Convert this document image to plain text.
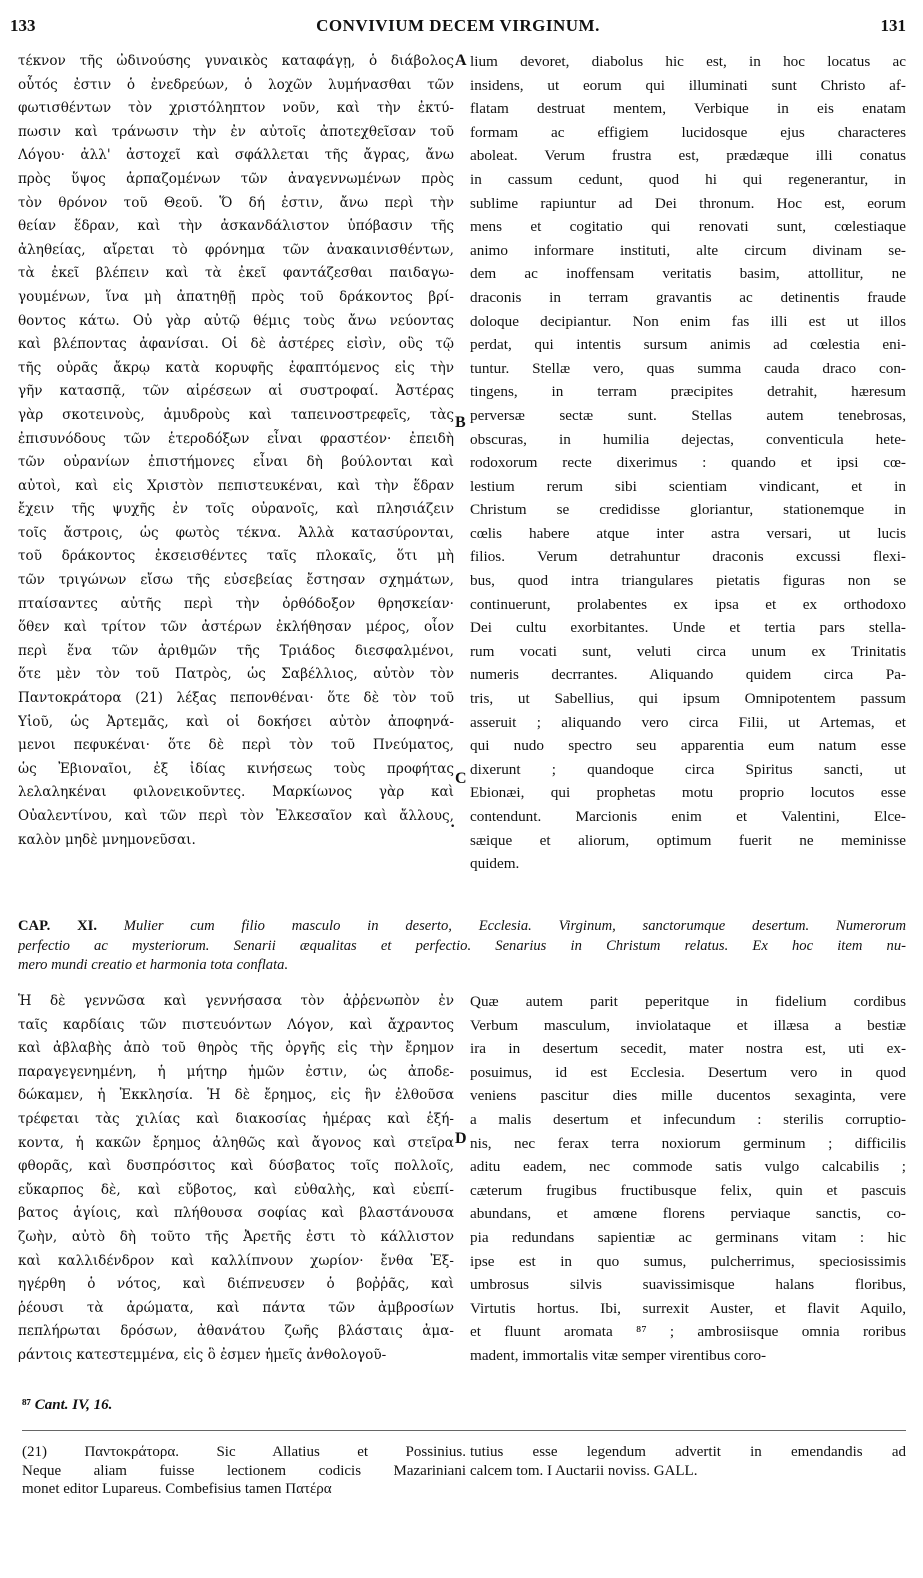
133	CONVIVIUM DECEM VIRGINUM.	131
τέκνον τῆς ὠδινούσης γυναικὸς καταφάγῃ, ὁ διάβολος
οὗτός ἐστιν ὁ ἐνεδρεύων, ὁ λοχῶν λυμήνασθαι τῶν
φωτισθέντων τὸν χριστόληπτον νοῦν, καὶ τὴν ἐκτύ-
πωσιν καὶ τράνωσιν τὴν ἐν αὐτοῖς ἀποτεχθεῖσαν τοῦ
Λόγου· ἀλλ' ἀστοχεῖ καὶ σφάλλεται τῆς ἄγρας, ἄνω
πρὸς ὕψος ἁρπαζομένων τῶν ἀναγεννωμένων πρὸς
τὸν θρόνον τοῦ Θεοῦ. Ὅ δή ἐστιν, ἄνω περὶ τὴν
θείαν ἕδραν, καὶ τὴν ἀσκανδάλιστον ὑπόβασιν τῆς
ἀληθείας, αἴρεται τὸ φρόνημα τῶν ἀνακαινισθέντων,
τὰ ἐκεῖ βλέπειν καὶ τὰ ἐκεῖ φαντάζεσθαι παιδαγω-
γουμένων, ἵνα μὴ ἀπατηθῇ πρὸς τοῦ δράκοντος βρί-
θοντος κάτω. Οὐ γὰρ αὐτῷ θέμις τοὺς ἄνω νεύοντας
καὶ βλέποντας ἀφανίσαι. Οἱ δὲ ἀστέρες εἰσὶν, οὓς τῷ
τῆς οὐρᾶς ἄκρῳ κατὰ κορυφῆς ἐφαπτόμενος εἰς τὴν
γῆν κατασπᾷ, τῶν αἱρέσεων αἱ συστροφαί. Ἀστέρας
γὰρ σκοτεινοὺς, ἀμυδροὺς καὶ ταπεινοστρεφεῖς, τὰς
ἐπισυνόδους τῶν ἑτεροδόξων εἶναι φραστέον· ἐπειδὴ
τῶν οὐρανίων ἐπιστήμονες εἶναι δὴ βούλονται καὶ
αὐτοὶ, καὶ εἰς Χριστὸν πεπιστευκέναι, καὶ τὴν ἕδραν
ἔχειν τῆς ψυχῆς ἐν τοῖς οὐρανοῖς, καὶ πλησιάζειν
τοῖς ἄστροις, ὡς φωτὸς τέκνα. Ἀλλὰ κατασύρονται,
τοῦ δράκοντος ἐκσεισθέντες ταῖς πλοκαῖς, ὅτι μὴ
τῶν τριγώνων εἴσω τῆς εὐσεβείας ἔστησαν σχημάτων,
πταίσαντες αὐτῆς περὶ τὴν ὀρθόδοξον θρησκείαν·
ὅθεν καὶ τρίτον τῶν ἀστέρων ἐκλήθησαν μέρος, οἷον
περὶ ἕνα τῶν ἀριθμῶν τῆς Τριάδος διεσφαλμένοι,
ὅτε μὲν τὸν τοῦ Πατρὸς, ὡς Σαβέλλιος, αὐτὸν τὸν
Παντοκράτορα (21) λέξας πεπονθέναι· ὅτε δὲ τὸν τοῦ
Υἱοῦ, ὡς Ἀρτεμᾶς, καὶ οἱ δοκήσει αὐτὸν ἀποφηνά-
μενοι πεφυκέναι· ὅτε δὲ περὶ τὸν τοῦ Πνεύματος,
ὡς Ἐβιοναῖοι, ἐξ ἰδίας κινήσεως τοὺς προφήτας
λελαληκέναι φιλονεικοῦντες. Μαρκίωνος γὰρ καὶ
Οὐαλεντίνου, καὶ τῶν περὶ τὸν Ἐλκεσαῖον καὶ ἄλλους,
καλὸν μηδὲ μνημονεῦσαι.
lium devoret, diabolus hic est, in hoc locatus ac
insidens, ut eorum qui illuminati sunt Christo af-
flatam destruat mentem, Verbique in eis enatam
formam ac effigiem lucidosque ejus characteres
aboleat. Verum frustra est, prædæque illi conatus
in cassum cedunt, quod hi qui regenerantur, in
sublime rapiuntur ad Dei thronum. Hoc est, eorum
mens et cogitatio qui renovati sunt, cœlestiaque
animo informare instituti, alte circum divinam se-
dem ac inoffensam veritatis basim, attollitur, ne
draconis in terram gravantis ac detinentis fraude
doloque decipiantur. Non enim fas illi est ut illos
perdat, qui intentis sursum animis ad cœlestia eni-
tuntur. Stellæ vero, quas summa cauda draco con-
tingens, in terram præcipites detrahit, hæresum
perversæ sectæ sunt. Stellas autem tenebrosas,
obscuras, in humilia dejectas, conventicula hete-
rodoxorum recte dixerimus : quando et ipsi cœ-
lestium rerum sibi scientiam vindicant, et in
Christum se credidisse gloriantur, stationemque in
cœlis habere atque inter astra versari, ut lucis
filios. Verum detrahuntur draconis excussi flexi-
bus, quod intra triangulares pietatis figuras non se
continuerunt, prolabentes ex ipsa et ex orthodoxo
Dei cultu exorbitantes. Unde et tertia pars stella-
rum vocati sunt, veluti circa unum ex Trinitatis
numeris decrrantes. Aliquando quidem circa Pa-
tris, ut Sabellius, qui ipsum Omnipotentem passum
asseruit ; aliquando vero circa Filii, ut Artemas, et
qui nudo spectro seu apparentia eum natum esse
dixerunt ; quandoque circa Spiritus sancti, ut
Ebionæi, qui prophetas motu proprio locutos esse
contendunt. Marcionis enim et Valentini, Elce-
sæique et aliorum, optimum fuerit ne meminisse
quidem.
A
B
C
·
D
CAP. XI. Mulier cum filio masculo in deserto, Ecclesia. Virginum, sanctorumque desertum. Numerorum
perfectio ac mysteriorum. Senarii æqualitas et perfectio. Senarius in Christum relatus. Ex hoc item nu-
mero mundi creatio et harmonia tota conflata.
Ἡ δὲ γεννῶσα καὶ γεννήσασα τὸν ἀῤῥενωπὸν ἐν
ταῖς καρδίαις τῶν πιστευόντων Λόγον, καὶ ἄχραντος
καὶ ἀβλαβὴς ἀπὸ τοῦ θηρὸς τῆς ὀργῆς εἰς τὴν ἔρημον
παραγεγενημένη, ἡ μήτηρ ἡμῶν ἐστιν, ὡς ἀποδε-
δώκαμεν, ἡ Ἐκκλησία. Ἡ δὲ ἔρημος, εἰς ἣν ἐλθοῦσα
τρέφεται τὰς χιλίας καὶ διακοσίας ἡμέρας καὶ ἑξή-
κοντα, ἡ κακῶν ἔρημος ἀληθῶς καὶ ἄγονος καὶ στεῖρα
φθορᾶς, καὶ δυσπρόσιτος καὶ δύσβατος τοῖς πολλοῖς,
εὔκαρπος δὲ, καὶ εὔβοτος, καὶ εὐθαλὴς, καὶ εὐεπί-
βατος ἁγίοις, καὶ πλήθουσα σοφίας καὶ βλαστάνουσα
ζωὴν, αὐτὸ δὴ τοῦτο τῆς Ἀρετῆς ἐστι τὸ κάλλιστον
καὶ καλλιδένδρον καὶ καλλίπνουν χωρίον· ἔνθα Ἐξ-
ηγέρθη ὁ νότος, καὶ διέπνευσεν ὁ βοῤῥᾶς, καὶ
ῥέουσι τὰ ἀρώματα, καὶ πάντα τῶν ἀμβροσίων
πεπλήρωται δρόσων, ἀθανάτου ζωῆς βλάσταις ἀμα-
ράντοις κατεστεμμένα, εἰς ὃ ἐσμεν ἡμεῖς ἀνθολογοῦ-
Quæ autem parit peperitque in fidelium cordibus
Verbum masculum, inviolataque et illæsa a bestiæ
ira in desertum secedit, mater nostra est, uti ex-
posuimus, id est Ecclesia. Desertum vero in quod
veniens pascitur dies mille ducentos sexaginta, vere
a malis desertum et infecundum : sterilis corruptio-
nis, nec ferax terra noxiorum germinum ; difficilis
aditu eadem, nec commode satis vulgo calcabilis ;
cæterum frugibus fructibusque felix, quin et pascuis
abundans, et amœne florens perviaque sanctis, co-
pia redundans sapientiæ ac germinans vitam : hic
ipse est in quo sumus, pulcherrimus, speciosissimis
umbrosus silvis suavissimisque halans floribus,
Virtutis hortus. Ibi, surrexit Auster, et flavit Aquilo,
et fluunt aromata ⁸⁷ ; ambrosiisque omnia roribus
madent, immortalis vitæ semper virentibus coro-
⁸⁷ Cant. IV, 16.
(21) Παντοκράτορα. Sic Allatius et Possinius.
Neque aliam fuisse lectionem codicis Mazariniani
monet editor Lupareus. Combefisius tamen Πατέρα
tutius esse legendum advertit in emendandis ad
calcem tom. I Auctarii noviss. GALL.
